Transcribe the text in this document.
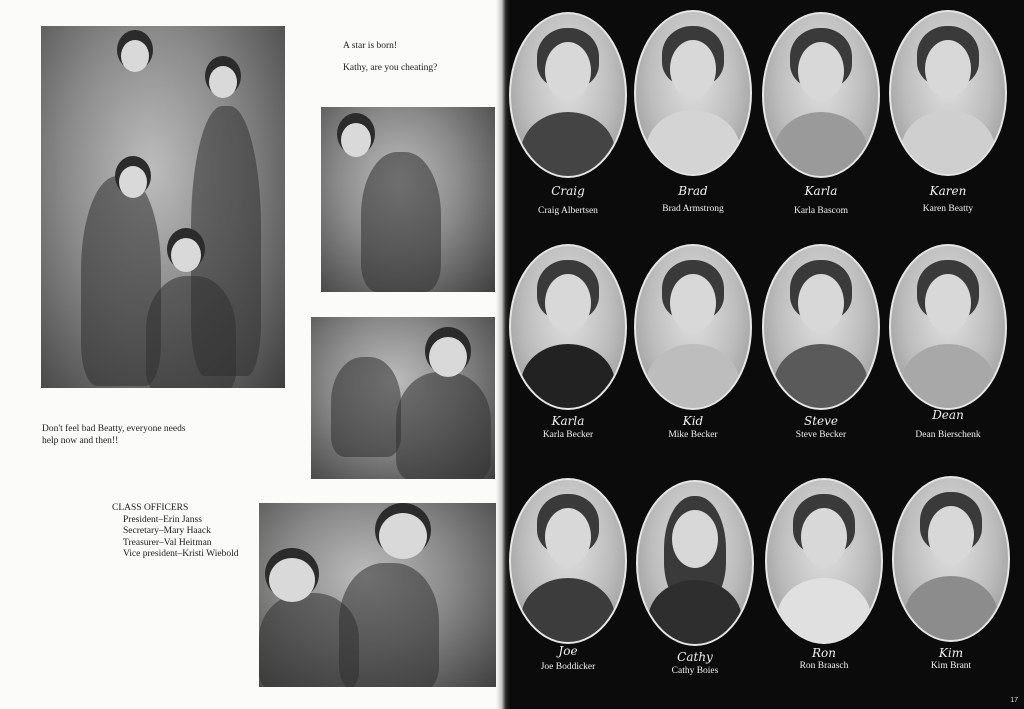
A star is born!
Kathy, are you cheating?
Don't feel bad Beatty, everyone needs help now and then!!
CLASS OFFICERS
President–Erin Janss
Secretary–Mary Haack
Treasurer–Val Heitman
Vice president–Kristi Wiebold
Craig
Craig Albertsen
Brad
Brad Armstrong
Karla
Karla Bascom
Karen
Karen Beatty
Karla
Karla Becker
Kid
Mike Becker
Steve
Steve Becker
Dean
Dean Bierschenk
Joe
Joe Boddicker
Cathy
Cathy Boies
Ron
Ron Braasch
Kim
Kim Brant
17
